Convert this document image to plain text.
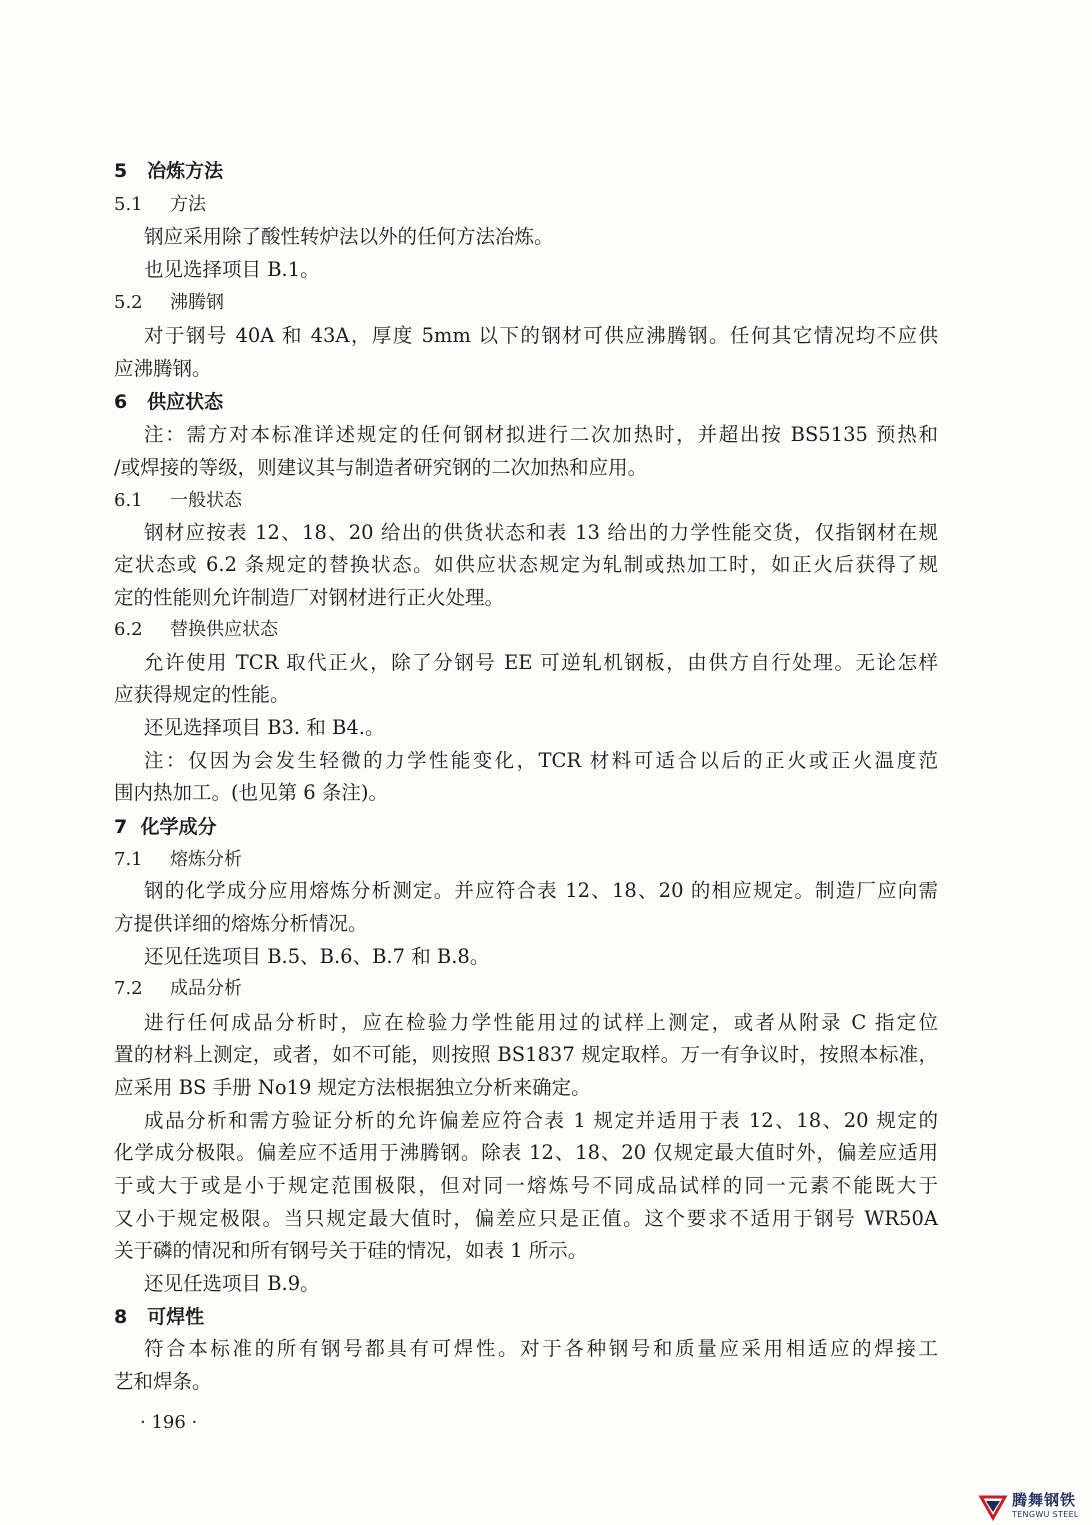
5 冶炼方法
5.1 方法
钢应采用除了酸性转炉法以外的任何方法冶炼。
也见选择项目 B.1。
5.2 沸腾钢
对于钢号 40A 和 43A，厚度 5mm 以下的钢材可供应沸腾钢。任何其它情况均不应供
应沸腾钢。
6 供应状态
注：需方对本标准详述规定的任何钢材拟进行二次加热时，并超出按 BS5135 预热和
/或焊接的等级，则建议其与制造者研究钢的二次加热和应用。
6.1 一般状态
钢材应按表 12、18、20 给出的供货状态和表 13 给出的力学性能交货，仅指钢材在规
定状态或 6.2 条规定的替换状态。如供应状态规定为轧制或热加工时，如正火后获得了规
定的性能则允许制造厂对钢材进行正火处理。
6.2 替换供应状态
允许使用 TCR 取代正火，除了分钢号 EE 可逆轧机钢板，由供方自行处理。无论怎样
应获得规定的性能。
还见选择项目 B3. 和 B4.。
注：仅因为会发生轻微的力学性能变化，TCR 材料可适合以后的正火或正火温度范
围内热加工。(也见第 6 条注)。
7 化学成分
7.1 熔炼分析
钢的化学成分应用熔炼分析测定。并应符合表 12、18、20 的相应规定。制造厂应向需
方提供详细的熔炼分析情况。
还见任选项目 B.5、B.6、B.7 和 B.8。
7.2 成品分析
进行任何成品分析时，应在检验力学性能用过的试样上测定，或者从附录 C 指定位
置的材料上测定，或者，如不可能，则按照 BS1837 规定取样。万一有争议时，按照本标准，
应采用 BS 手册 No19 规定方法根据独立分析来确定。
成品分析和需方验证分析的允许偏差应符合表 1 规定并适用于表 12、18、20 规定的
化学成分极限。偏差应不适用于沸腾钢。除表 12、18、20 仅规定最大值时外，偏差应适用
于或大于或是小于规定范围极限，但对同一熔炼号不同成品试样的同一元素不能既大于
又小于规定极限。当只规定最大值时，偏差应只是正值。这个要求不适用于钢号 WR50A
关于磷的情况和所有钢号关于硅的情况，如表 1 所示。
还见任选项目 B.9。
8 可焊性
符合本标准的所有钢号都具有可焊性。对于各种钢号和质量应采用相适应的焊接工
艺和焊条。
· 196 ·
腾舞钢铁
TENGWU STEEL
